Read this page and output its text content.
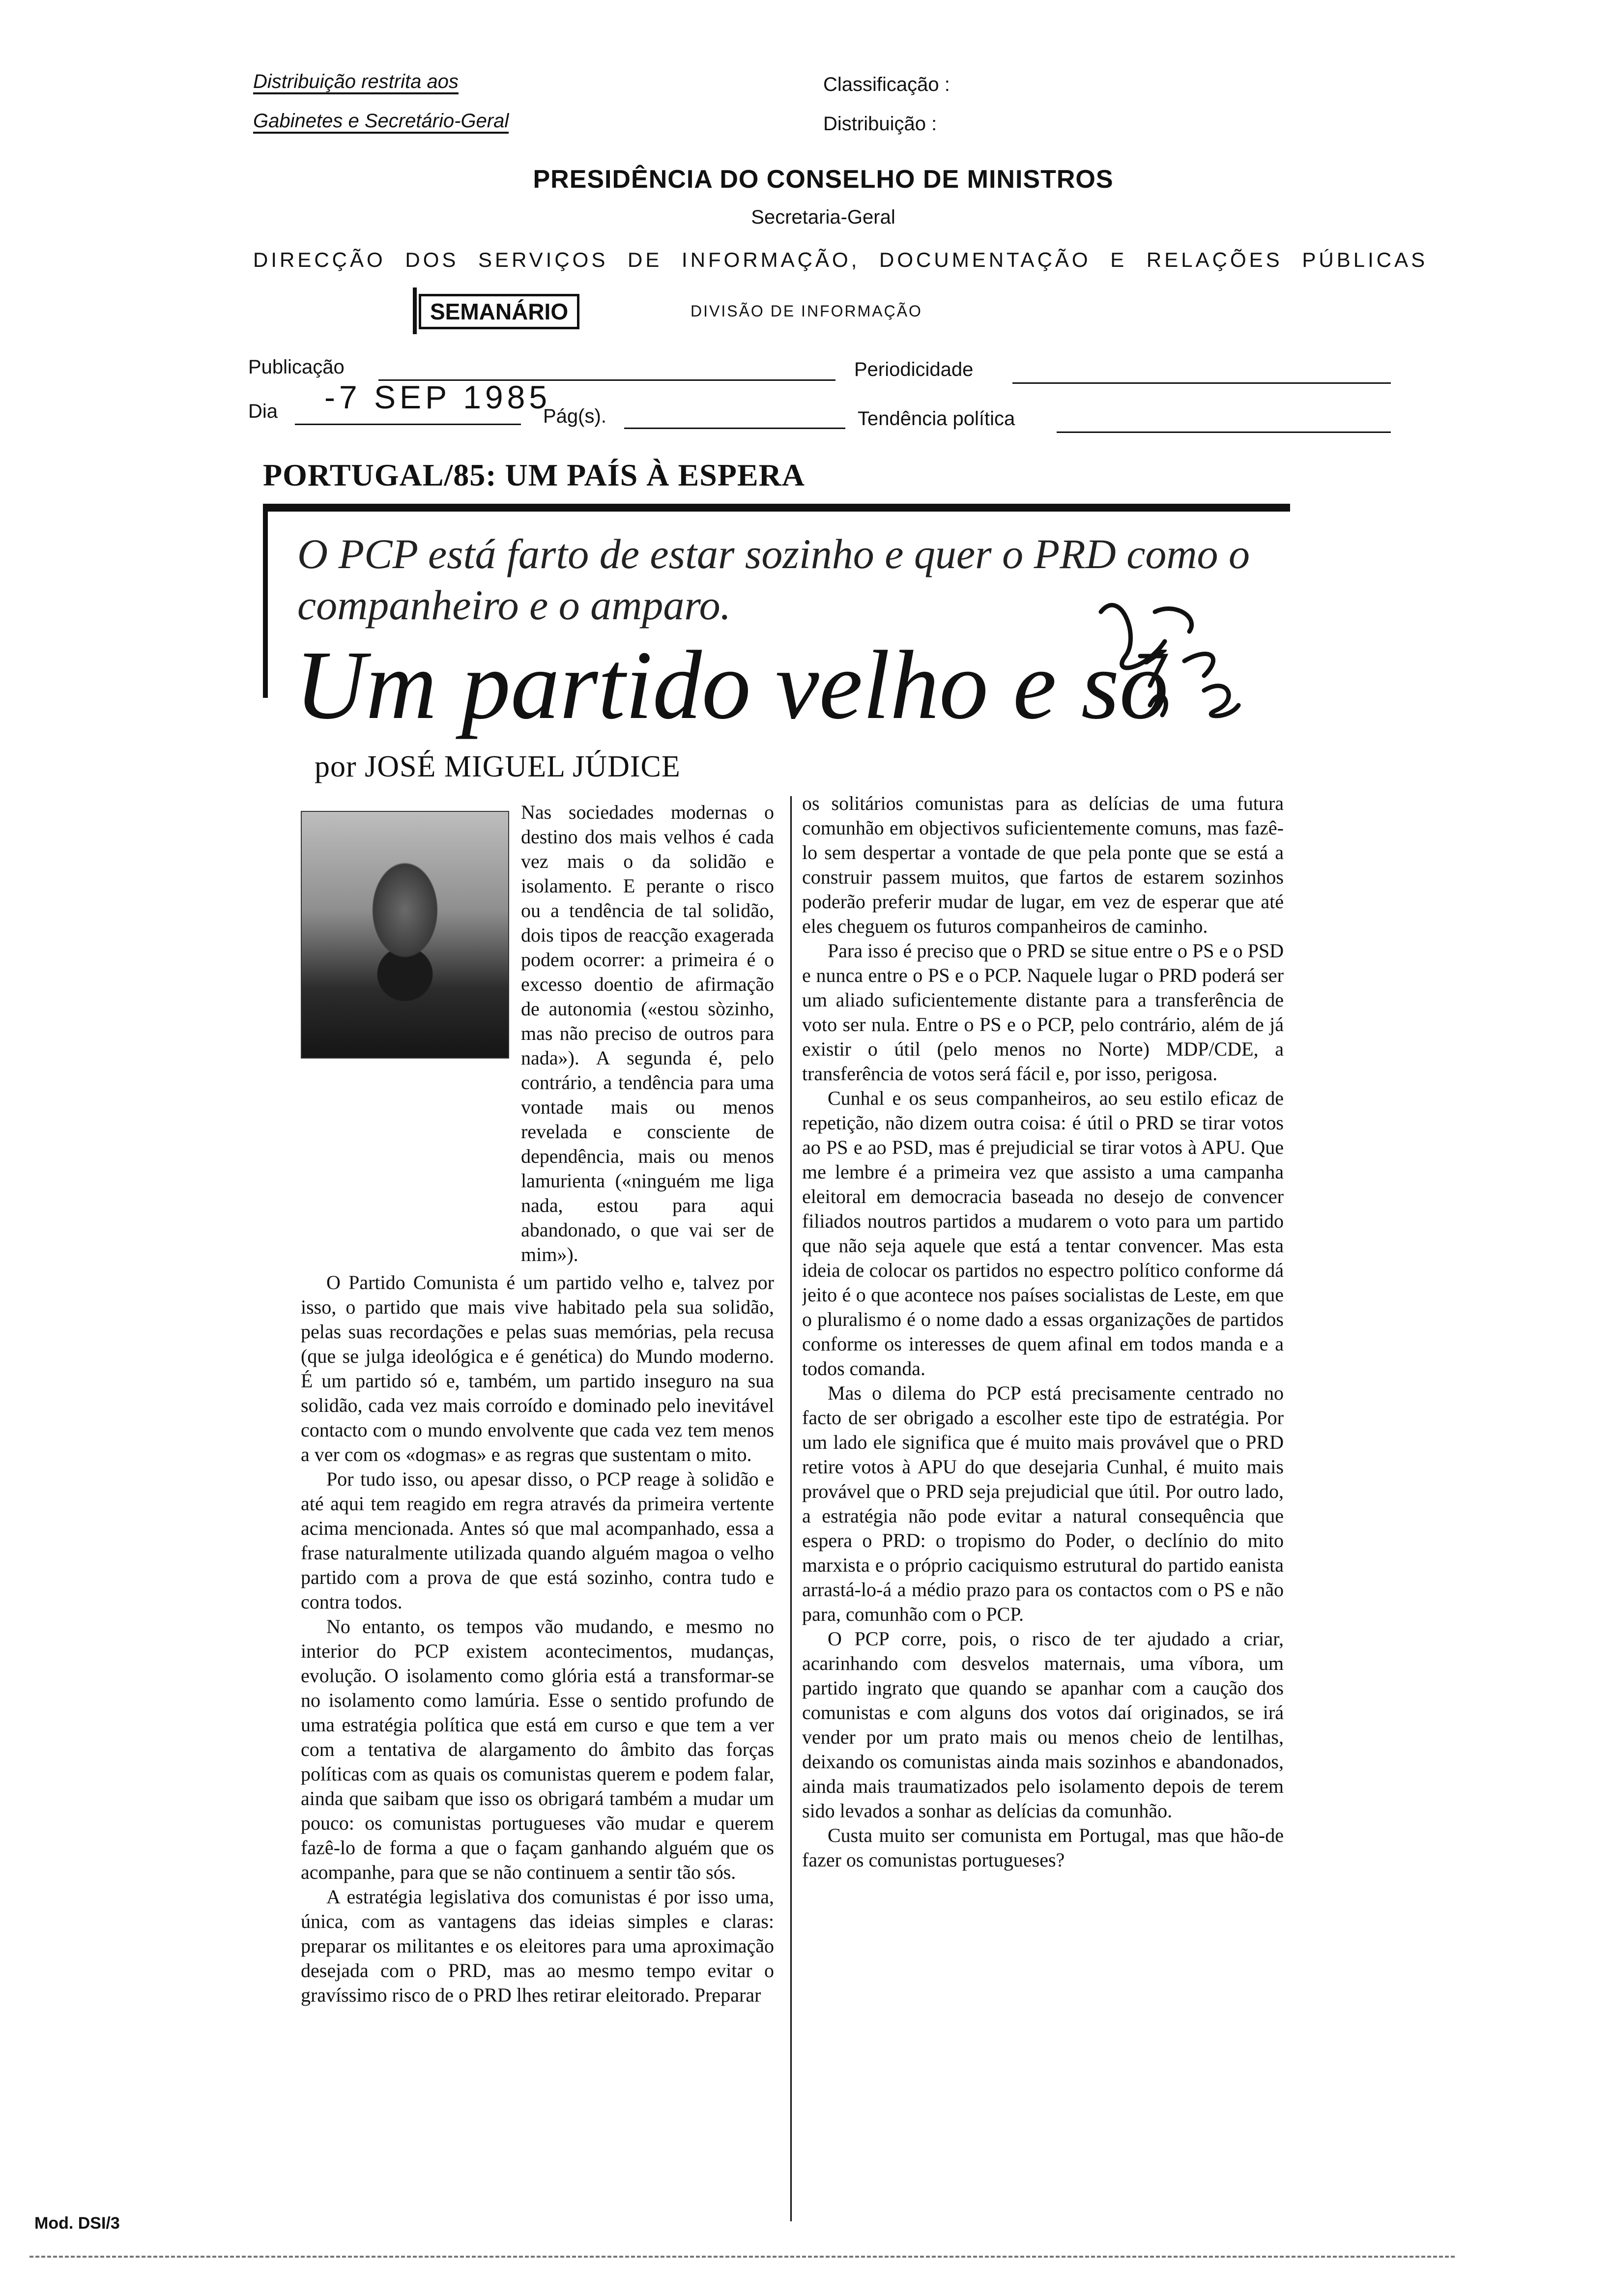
Distribuição restrita aos
Gabinetes e Secretário-Geral
Classificação :
Distribuição :
PRESIDÊNCIA DO CONSELHO DE MINISTROS
Secretaria-Geral
DIRECÇÃO DOS SERVIÇOS DE INFORMAÇÃO, DOCUMENTAÇÃO E RELAÇÕES PÚBLICAS
SEMANÁRIO	DIVISÃO DE INFORMAÇÃO
Publicação	Periodicidade
Dia -7 SEP 1985
Pág(s).	Tendência política
PORTUGAL/85: UM PAÍS À ESPERA
O PCP está farto de estar sozinho e quer o PRD como o companheiro e o amparo.
Um partido velho e só
por JOSÉ MIGUEL JÚDICE

Nas sociedades modernas o destino dos mais velhos é cada vez mais o da solidão e isolamento. E perante o risco ou a tendência de tal solidão, dois tipos de reacção exagerada podem ocorrer: a primeira é o excesso doentio de afirmação de autonomia («estou sòzinho, mas não preciso de outros para nada»). A segunda é, pelo contrário, a tendência para uma vontade mais ou menos revelada e consciente de dependência, mais ou menos lamurienta («ninguém me liga nada, estou para aqui abandonado, o que vai ser de mim»).

O Partido Comunista é um partido velho e, talvez por isso, o partido que mais vive habitado pela sua solidão, pelas suas recordações e pelas suas memórias, pela recusa (que se julga ideológica e é genética) do Mundo moderno. É um partido só e, também, um partido inseguro na sua solidão, cada vez mais corroído e dominado pelo inevitável contacto com o mundo envolvente que cada vez tem menos a ver com os «dogmas» e as regras que sustentam o mito.

Por tudo isso, ou apesar disso, o PCP reage à solidão e até aqui tem reagido em regra através da primeira vertente acima mencionada. Antes só que mal acompanhado, essa a frase naturalmente utilizada quando alguém magoa o velho partido com a prova de que está sozinho, contra tudo e contra todos.

No entanto, os tempos vão mudando, e mesmo no interior do PCP existem acontecimentos, mudanças, evolução. O isolamento como glória está a transformar-se no isolamento como lamúria. Esse o sentido profundo de uma estratégia política que está em curso e que tem a ver com a tentativa de alargamento do âmbito das forças políticas com as quais os comunistas querem e podem falar, ainda que saibam que isso os obrigará também a mudar um pouco: os comunistas portugueses vão mudar e querem fazê-lo de forma a que o façam ganhando alguém que os acompanhe, para que se não continuem a sentir tão sós.

A estratégia legislativa dos comunistas é por isso uma, única, com as vantagens das ideias simples e claras: preparar os militantes e os eleitores para uma aproximação desejada com o PRD, mas ao mesmo tempo evitar o gravíssimo risco de o PRD lhes retirar eleitorado. Preparar

os solitários comunistas para as delícias de uma futura comunhão em objectivos suficientemente comuns, mas fazê-lo sem despertar a vontade de que pela ponte que se está a construir passem muitos, que fartos de estarem sozinhos poderão preferir mudar de lugar, em vez de esperar que até eles cheguem os futuros companheiros de caminho.

Para isso é preciso que o PRD se situe entre o PS e o PSD e nunca entre o PS e o PCP. Naquele lugar o PRD poderá ser um aliado suficientemente distante para a transferência de voto ser nula. Entre o PS e o PCP, pelo contrário, além de já existir o útil (pelo menos no Norte) MDP/CDE, a transferência de votos será fácil e, por isso, perigosa.

Cunhal e os seus companheiros, ao seu estilo eficaz de repetição, não dizem outra coisa: é útil o PRD se tirar votos ao PS e ao PSD, mas é prejudicial se tirar votos à APU. Que me lembre é a primeira vez que assisto a uma campanha eleitoral em democracia baseada no desejo de convencer filiados noutros partidos a mudarem o voto para um partido que não seja aquele que está a tentar convencer. Mas esta ideia de colocar os partidos no espectro político conforme dá jeito é o que acontece nos países socialistas de Leste, em que o pluralismo é o nome dado a essas organizações de partidos conforme os interesses de quem afinal em todos manda e a todos comanda.

Mas o dilema do PCP está precisamente centrado no facto de ser obrigado a escolher este tipo de estratégia. Por um lado ele significa que é muito mais provável que o PRD retire votos à APU do que desejaria Cunhal, é muito mais provável que o PRD seja prejudicial que útil. Por outro lado, a estratégia não pode evitar a natural consequência que espera o PRD: o tropismo do Poder, o declínio do mito marxista e o próprio caciquismo estrutural do partido eanista arrastá-lo-á a médio prazo para os contactos com o PS e não para, comunhão com o PCP.

O PCP corre, pois, o risco de ter ajudado a criar, acarinhando com desvelos maternais, uma víbora, um partido ingrato que quando se apanhar com a caução dos comunistas e com alguns dos votos daí originados, se irá vender por um prato mais ou menos cheio de lentilhas, deixando os comunistas ainda mais sozinhos e abandonados, ainda mais traumatizados pelo isolamento depois de terem sido levados a sonhar as delícias da comunhão.

Custa muito ser comunista em Portugal, mas que hão-de fazer os comunistas portugueses?

Mod. DSI/3
